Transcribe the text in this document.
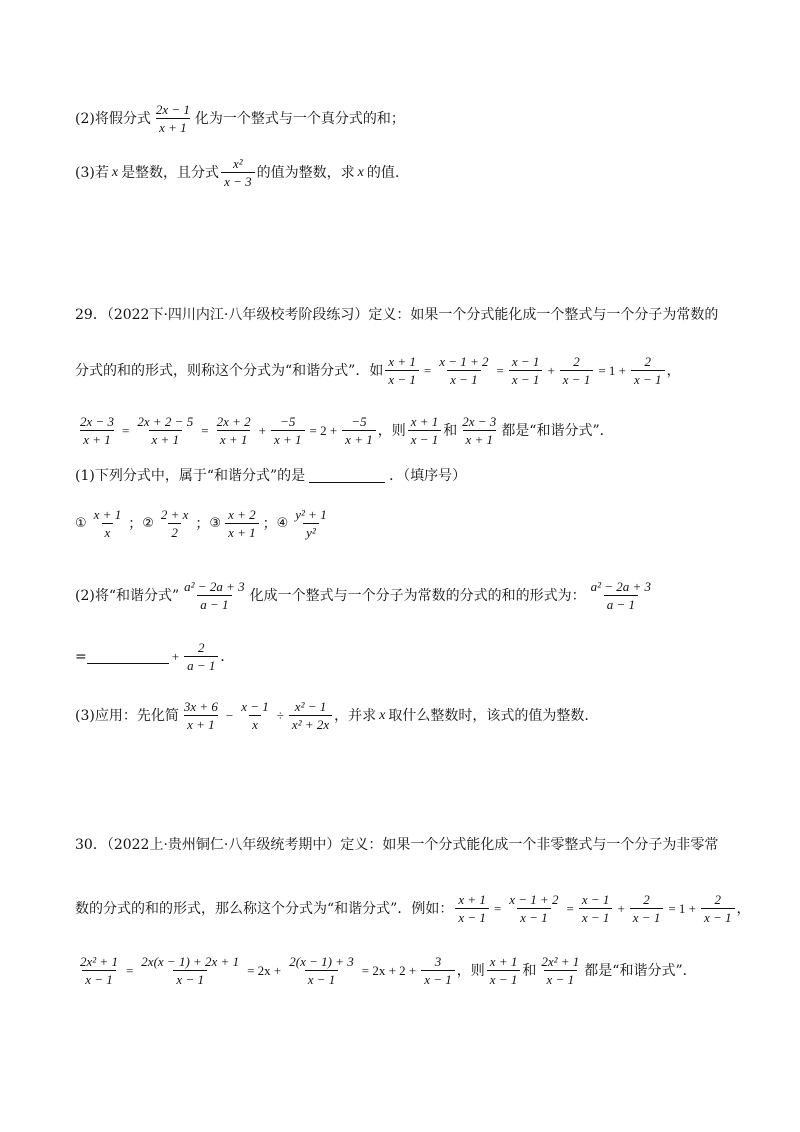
(2)将假分式 $\frac{2x - 1}{x + 1}$ 化为一个整式与一个真分式的和；
(3)若 x 是整数，且分式 $\frac{\text{x²}}{x - 3}$ 的值为整数，求 x 的值.
29．（2022下·四川内江·八年级校考阶段练习）定义：如果一个分式能化成一个整式与一个分子为常数的
分式的和的形式，则称这个分式为“和谐分式”．如 $\frac{x + 1}{x - 1} = \frac{x - 1 + 2}{x - 1} = \frac{x - 1}{x - 1} + \frac{2}{x - 1} = 1 + \frac{2}{x - 1}$ ，
$\frac{2x - 3}{x + 1} = \frac{2x + 2 - 5}{x + 1} = \frac{2x + 2}{x + 1} + \frac{-5}{x + 1} = 2 + \frac{-5}{x + 1}$ ，则 $\frac{x + 1}{x - 1}$ 和 $\frac{2x - 3}{x + 1}$ 都是“和谐分式”．
(1)下列分式中，属于“和谐分式”的是	．（填序号）
① $\frac{x + 1}{x}$ ； ② $\frac{2 + x}{2}$ ； ③ $\frac{x + 2}{x + 1}$ ； ④ $\frac{\text{y² + 1}}{\text{y²}}$
(2)将“和谐分式” $\frac{\text{a² − 2a + 3}}{a - 1}$ 化成一个整式与一个分子为常数的分式的和的形式为： $\frac{\text{a² − 2a + 3}}{a - 1}$
=	+ $\frac{2}{a - 1}$ ．
(3)应用：先化简 $\frac{3x + 6}{x + 1} - \frac{x - 1}{x} \div \frac{\text{x² − 1}}{\text{x² + 2x}}$ ，并求 x 取什么整数时，该式的值为整数.
30．（2022上·贵州铜仁·八年级统考期中）定义：如果一个分式能化成一个非零整式与一个分子为非零常
数的分式的和的形式，那么称这个分式为“和谐分式”．例如： $\frac{x + 1}{x - 1} = \frac{x - 1 + 2}{x - 1} = \frac{x - 1}{x - 1} + \frac{2}{x - 1} = 1 + \frac{2}{x - 1}$ ，
$\frac{\text{2x² + 1}}{x - 1} = \frac{2x(x - 1) + 2x + 1}{x - 1} = 2x + \frac{2(x - 1) + 3}{x - 1} = 2x + 2 + \frac{3}{x - 1}$ ，则 $\frac{x + 1}{x - 1}$ 和 $\frac{\text{2x² + 1}}{x - 1}$ 都是“和谐分式”．
